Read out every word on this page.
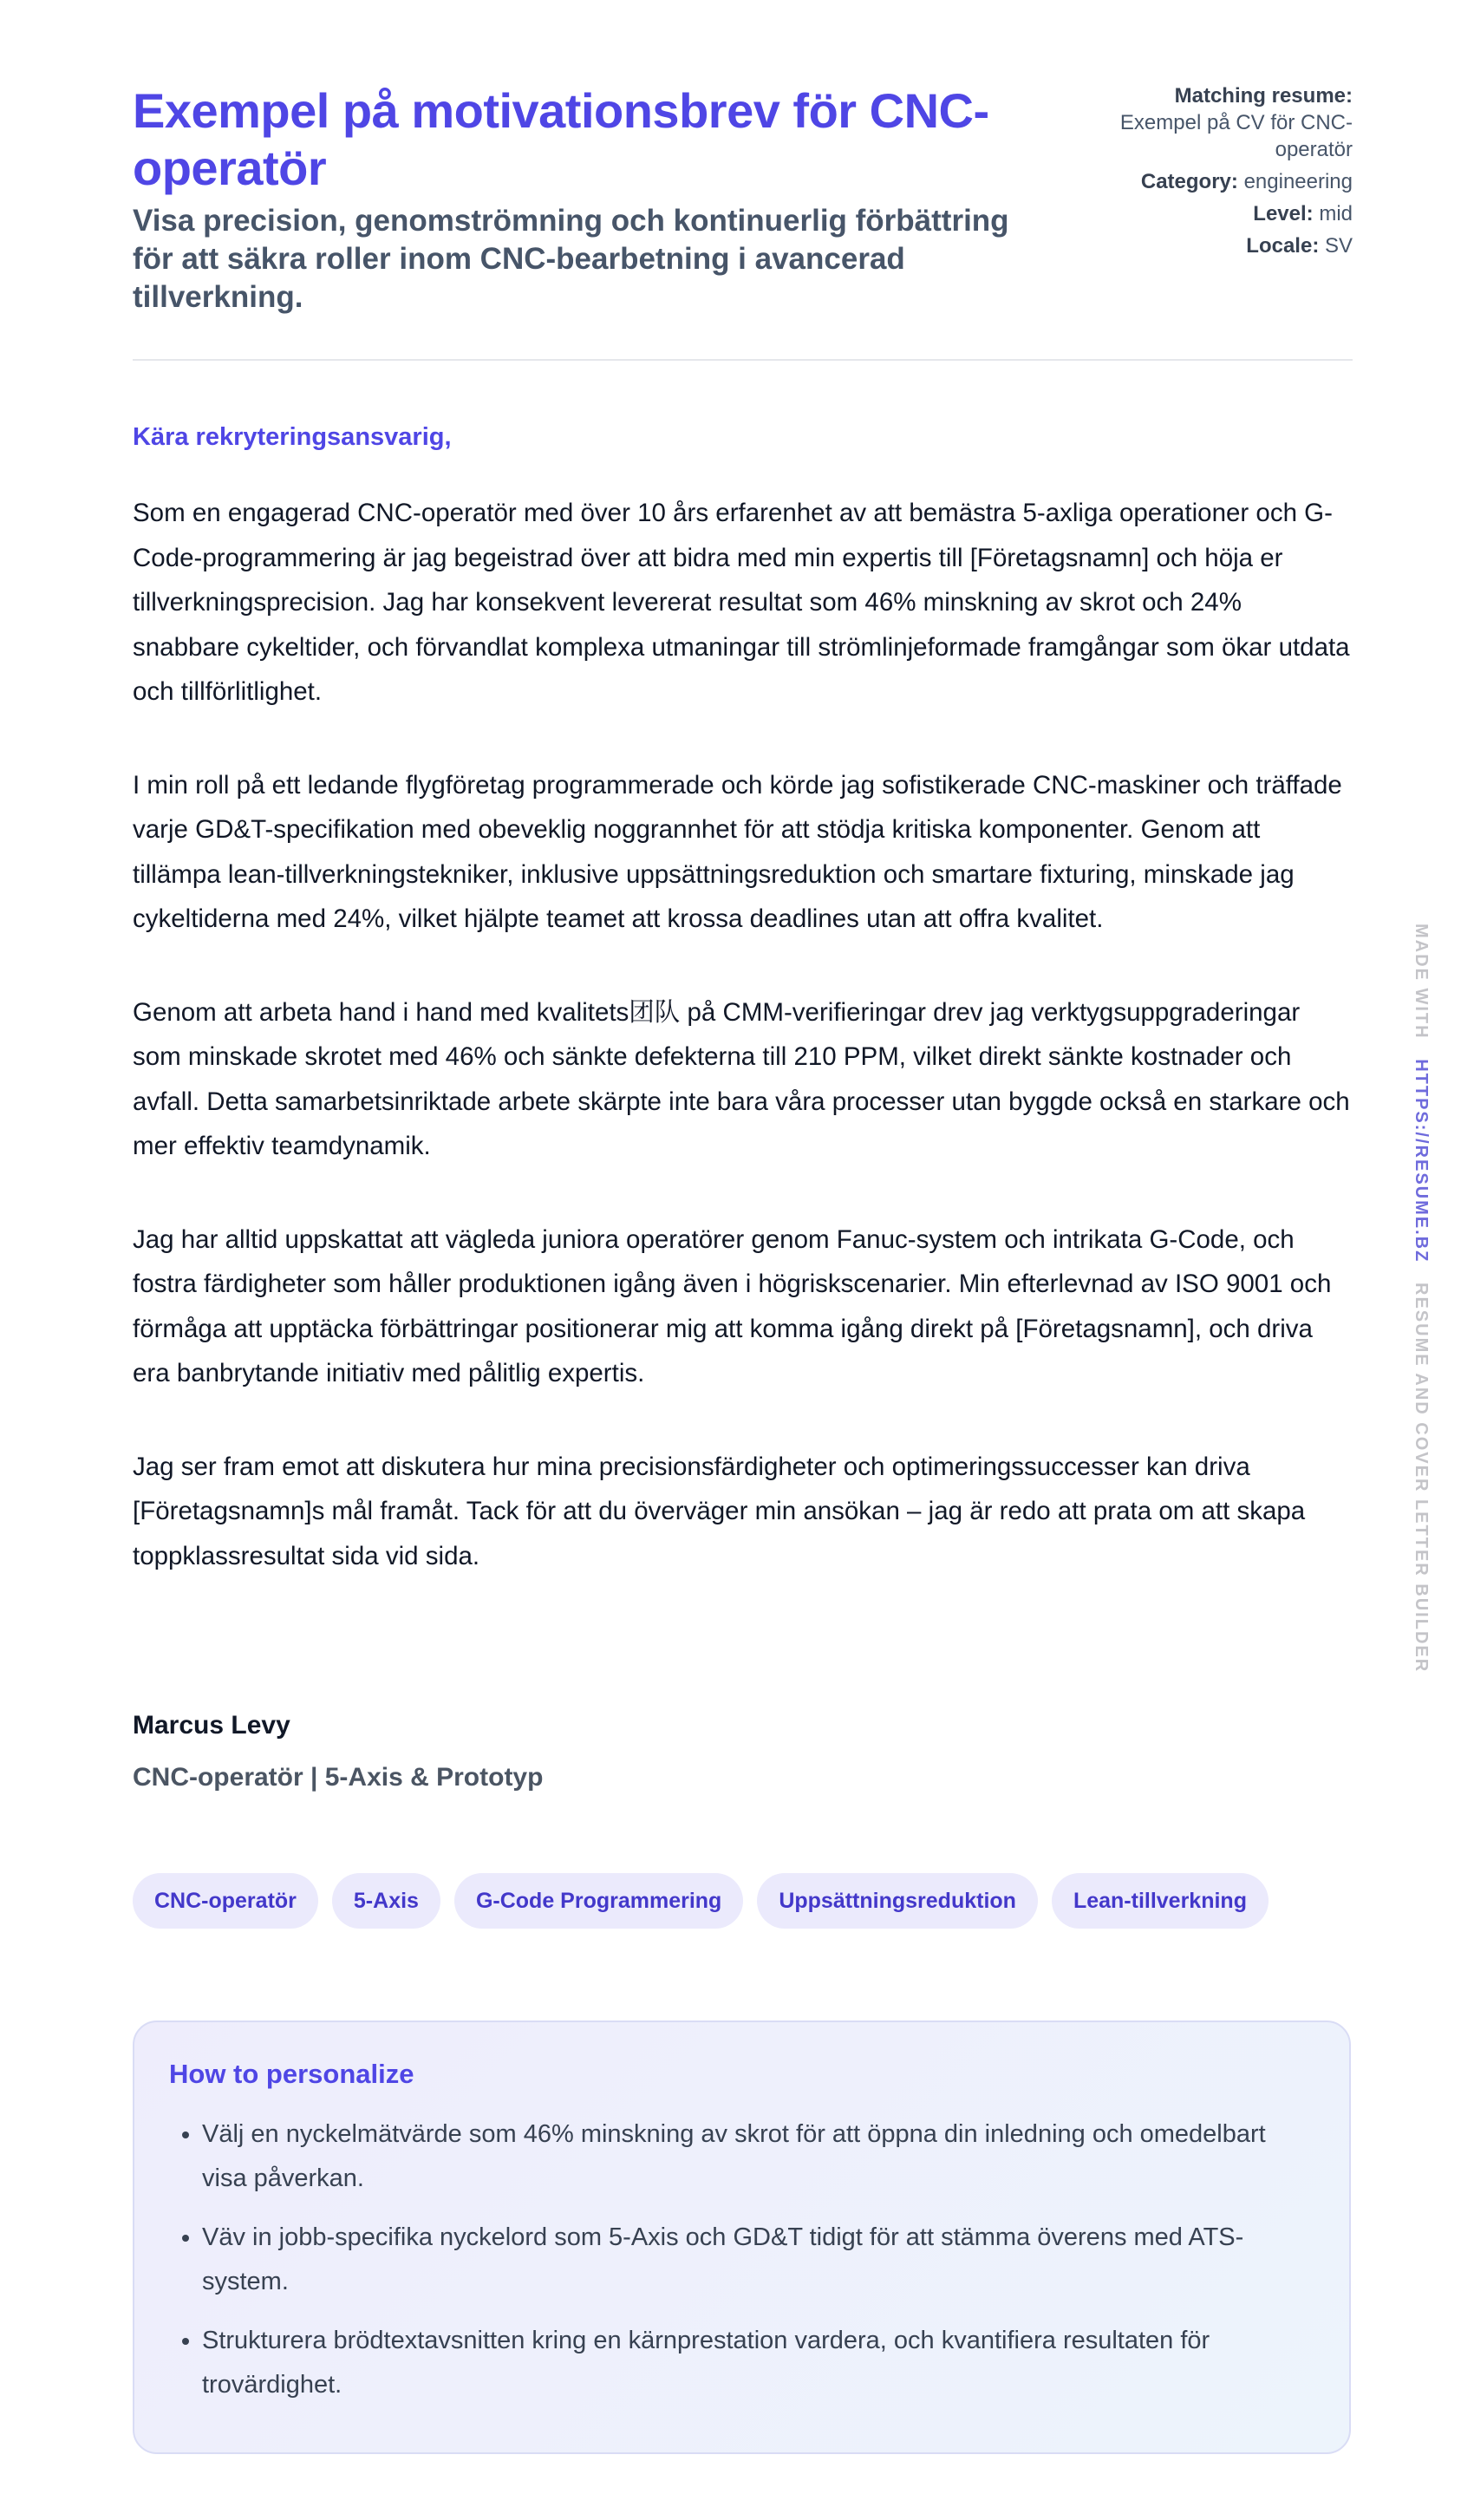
Exempel på motivationsbrev för CNC-operatör
Visa precision, genomströmning och kontinuerlig förbättring för att säkra roller inom CNC-bearbetning i avancerad tillverkning.
Matching resume:
Exempel på CV för CNC-operatör
Category: engineering
Level: mid
Locale: SV
Kära rekryteringsansvarig,

Som en engagerad CNC-operatör med över 10 års erfarenhet av att bemästra 5-axliga operationer och G-Code-programmering är jag begeistrad över att bidra med min expertis till [Företagsnamn] och höja er tillverkningsprecision. Jag har konsekvent levererat resultat som 46% minskning av skrot och 24% snabbare cykeltider, och förvandlat komplexa utmaningar till strömlinjeformade framgångar som ökar utdata och tillförlitlighet.

I min roll på ett ledande flygföretag programmerade och körde jag sofistikerade CNC-maskiner och träffade varje GD&T-specifikation med obeveklig noggrannhet för att stödja kritiska komponenter. Genom att tillämpa lean-tillverkningstekniker, inklusive uppsättningsreduktion och smartare fixturing, minskade jag cykeltiderna med 24%, vilket hjälpte teamet att krossa deadlines utan att offra kvalitet.

Genom att arbeta hand i hand med kvalitets团队 på CMM-verifieringar drev jag verktygsuppgraderingar som minskade skrotet med 46% och sänkte defekterna till 210 PPM, vilket direkt sänkte kostnader och avfall. Detta samarbetsinriktade arbete skärpte inte bara våra processer utan byggde också en starkare och mer effektiv teamdynamik.

Jag har alltid uppskattat att vägleda juniora operatörer genom Fanuc-system och intrikata G-Code, och fostra färdigheter som håller produktionen igång även i högriskscenarier. Min efterlevnad av ISO 9001 och förmåga att upptäcka förbättringar positionerar mig att komma igång direkt på [Företagsnamn], och driva era banbrytande initiativ med pålitlig expertis.

Jag ser fram emot att diskutera hur mina precisionsfärdigheter och optimeringssuccesser kan driva [Företagsnamn]s mål framåt. Tack för att du överväger min ansökan – jag är redo att prata om att skapa toppklassresultat sida vid sida.

Marcus Levy
CNC-operatör | 5-Axis & Prototyp
CNC-operatör	5-Axis	G-Code Programmering	Uppsättningsreduktion	Lean-tillverkning
How to personalize
• Välj en nyckelmätvärde som 46% minskning av skrot för att öppna din inledning och omedelbart visa påverkan.
• Väv in jobb-specifika nyckelord som 5-Axis och GD&T tidigt för att stämma överens med ATS-system.
• Strukturera brödtextavsnitten kring en kärnprestation vardera, och kvantifiera resultaten för trovärdighet.
MADE WITH   HTTPS://RESUME.BZ   RESUME AND COVER LETTER BUILDER
